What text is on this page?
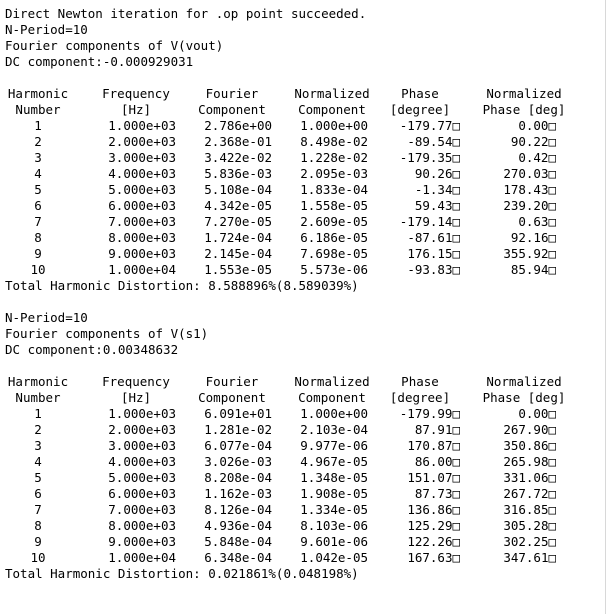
Direct Newton iteration for .op point succeeded.
N-Period=10
Fourier components of V(vout)
DC component:-0.000929031
Harmonic	Frequency	Fourier	Normalized	Phase	Normalized
Number	[Hz]	Component	Component	[degree]	Phase [deg]
1	1.000e+03	2.786e+00	1.000e+00	-179.77□	0.00□
2	2.000e+03	2.368e-01	8.498e-02	-89.54□	90.22□
3	3.000e+03	3.422e-02	1.228e-02	-179.35□	0.42□
4	4.000e+03	5.836e-03	2.095e-03	90.26□	270.03□
5	5.000e+03	5.108e-04	1.833e-04	-1.34□	178.43□
6	6.000e+03	4.342e-05	1.558e-05	59.43□	239.20□
7	7.000e+03	7.270e-05	2.609e-05	-179.14□	0.63□
8	8.000e+03	1.724e-04	6.186e-05	-87.61□	92.16□
9	9.000e+03	2.145e-04	7.698e-05	176.15□	355.92□
10	1.000e+04	1.553e-05	5.573e-06	-93.83□	85.94□
Total Harmonic Distortion: 8.588896%(8.589039%)
N-Period=10
Fourier components of V(s1)
DC component:0.00348632
Harmonic	Frequency	Fourier	Normalized	Phase	Normalized
Number	[Hz]	Component	Component	[degree]	Phase [deg]
1	1.000e+03	6.091e+01	1.000e+00	-179.99□	0.00□
2	2.000e+03	1.281e-02	2.103e-04	87.91□	267.90□
3	3.000e+03	6.077e-04	9.977e-06	170.87□	350.86□
4	4.000e+03	3.026e-03	4.967e-05	86.00□	265.98□
5	5.000e+03	8.208e-04	1.348e-05	151.07□	331.06□
6	6.000e+03	1.162e-03	1.908e-05	87.73□	267.72□
7	7.000e+03	8.126e-04	1.334e-05	136.86□	316.85□
8	8.000e+03	4.936e-04	8.103e-06	125.29□	305.28□
9	9.000e+03	5.848e-04	9.601e-06	122.26□	302.25□
10	1.000e+04	6.348e-04	1.042e-05	167.63□	347.61□
Total Harmonic Distortion: 0.021861%(0.048198%)
